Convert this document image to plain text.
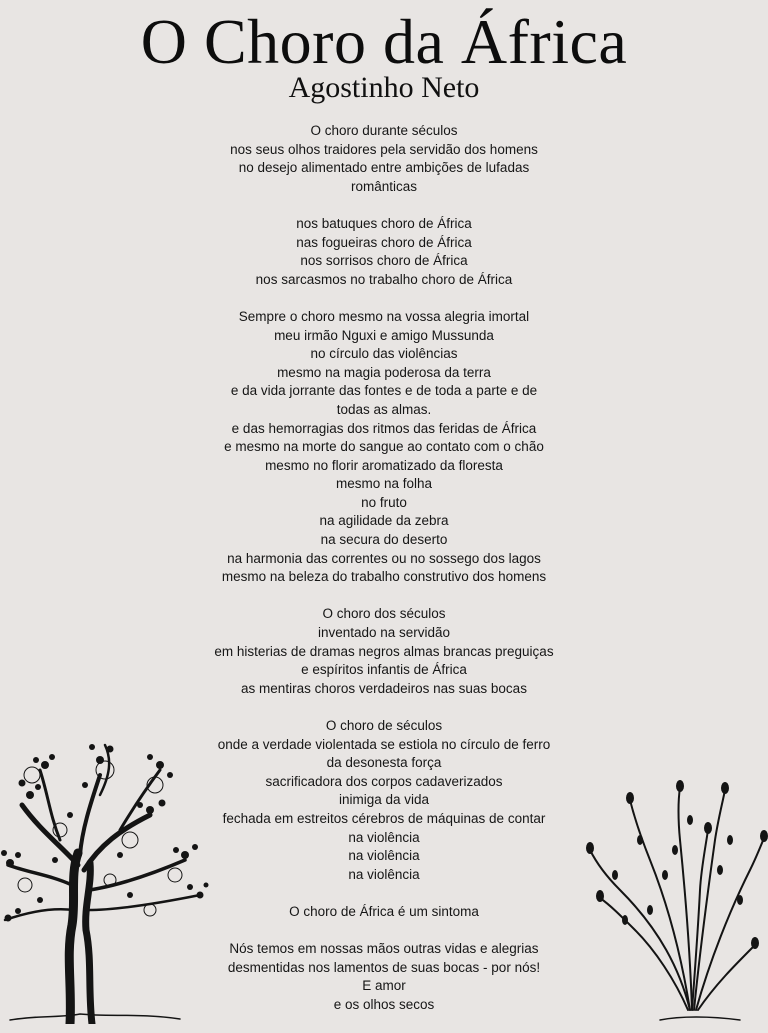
O Choro da África
Agostinho Neto
O choro durante séculos
nos seus olhos traidores pela servidão dos homens
no desejo alimentado entre ambições de lufadas
românticas
nos batuques choro de África
nas fogueiras choro de África
nos sorrisos choro de África
nos sarcasmos no trabalho choro de África
Sempre o choro mesmo na vossa alegria imortal
meu irmão Nguxi e amigo Mussunda
no círculo das violências
mesmo na magia poderosa da terra
e da vida jorrante das fontes e de toda a parte e de
todas as almas.
e das hemorragias dos ritmos das feridas de África
e mesmo na morte do sangue ao contato com o chão
mesmo no florir aromatizado da floresta
mesmo na folha
no fruto
na agilidade da zebra
na secura do deserto
na harmonia das correntes ou no sossego dos lagos
mesmo na beleza do trabalho construtivo dos homens
O choro dos séculos
inventado na servidão
em histerias de dramas negros almas brancas preguiças
e espíritos infantis de África
as mentiras choros verdadeiros nas suas bocas
O choro de séculos
onde a verdade violentada se estiola no círculo de ferro
da desonesta força
sacrificadora dos corpos cadaverizados
inimiga da vida
fechada em estreitos cérebros de máquinas de contar
na violência
na violência
na violência
O choro de África é um sintoma
Nós temos em nossas mãos outras vidas e alegrias
desmentidas nos lamentos de suas bocas - por nós!
E amor
e os olhos secos
